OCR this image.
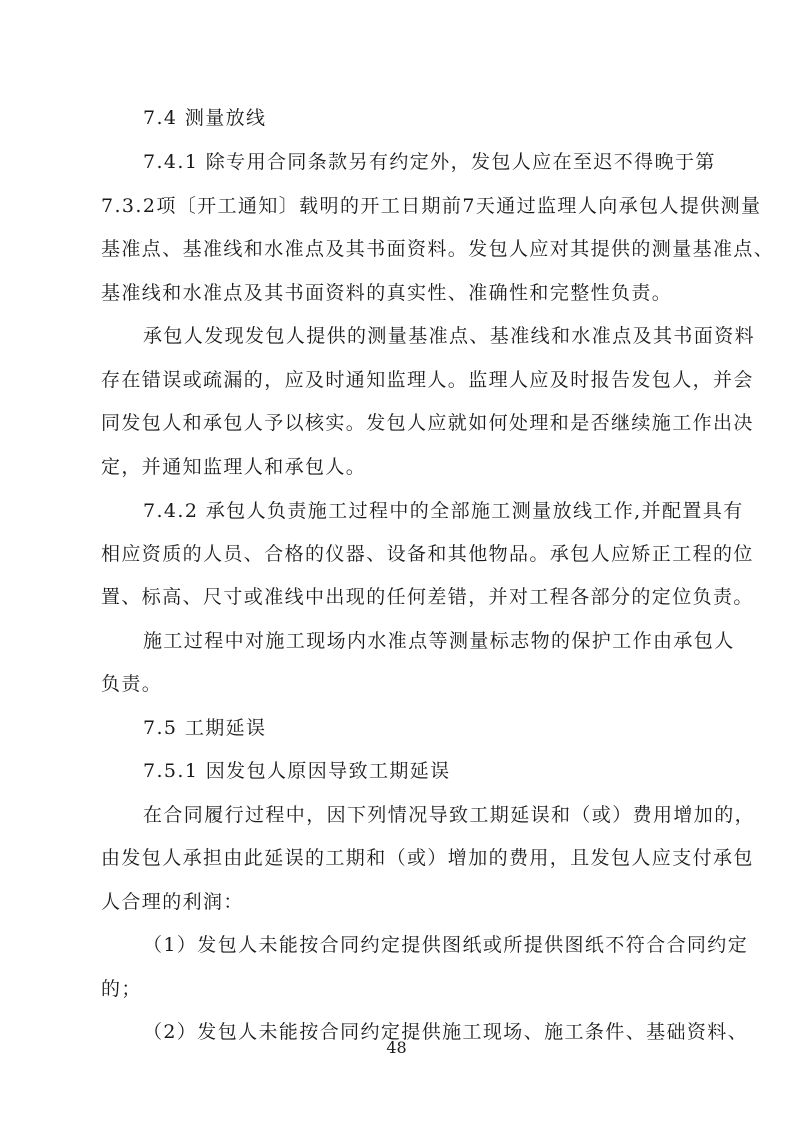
7.4 测量放线
7.4.1 除专用合同条款另有约定外，发包人应在至迟不得晚于第
7.3.2项〔开工通知〕载明的开工日期前7天通过监理人向承包人提供测量
基准点、基准线和水准点及其书面资料。发包人应对其提供的测量基准点、
基准线和水准点及其书面资料的真实性、准确性和完整性负责。
承包人发现发包人提供的测量基准点、基准线和水准点及其书面资料
存在错误或疏漏的，应及时通知监理人。监理人应及时报告发包人，并会
同发包人和承包人予以核实。发包人应就如何处理和是否继续施工作出决
定，并通知监理人和承包人。
7.4.2 承包人负责施工过程中的全部施工测量放线工作,并配置具有
相应资质的人员、合格的仪器、设备和其他物品。承包人应矫正工程的位
置、标高、尺寸或准线中出现的任何差错，并对工程各部分的定位负责。
施工过程中对施工现场内水准点等测量标志物的保护工作由承包人
负责。
7.5 工期延误
7.5.1 因发包人原因导致工期延误
在合同履行过程中，因下列情况导致工期延误和（或）费用增加的，
由发包人承担由此延误的工期和（或）增加的费用，且发包人应支付承包
人合理的利润：
（1）发包人未能按合同约定提供图纸或所提供图纸不符合合同约定
的；
（2）发包人未能按合同约定提供施工现场、施工条件、基础资料、
48
